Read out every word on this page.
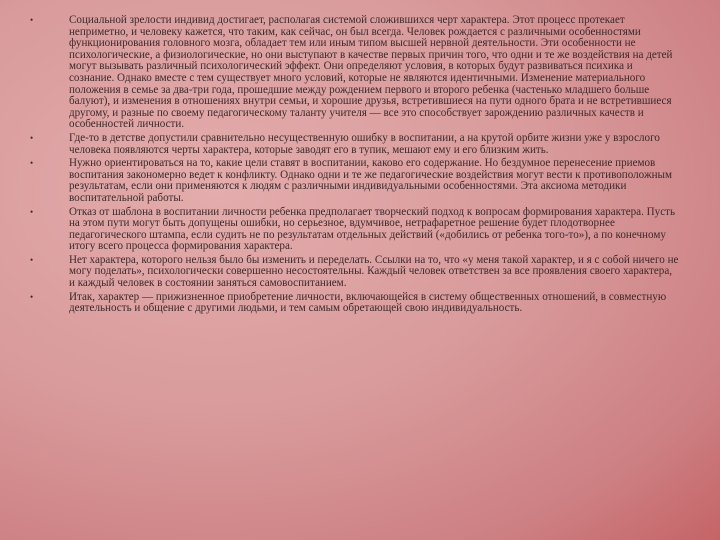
•	Социальной зрелости индивид достигает, располагая системой сложившихся черт характера. Этот процесс протекает неприметно, и человеку кажется, что таким, как сейчас, он был всегда. Человек рождается с различными особенностями функционирования головного мозга, обладает тем или иным типом высшей нервной деятельности. Эти особенности не психологические, а физиологические, но они выступают в качестве первых причин того, что одни и те же воздействия на детей могут вызывать различный психологический эффект. Они определяют условия, в которых будут развиваться психика и сознание. Однако вместе с тем существует много условий, которые не являются идентичными. Изменение материального положения в семье за два-три года, прошедшие между рождением первого и второго ребенка (частенько младшего больше балуют), и изменения в отношениях внутри семьи, и хорошие друзья, встретившиеся на пути одного брата и не встретившиеся другому, и разные по своему педагогическому таланту учителя — все это способствует зарождению различных качеств и особенностей личности.
•	Где-то в детстве допустили сравнительно несущественную ошибку в воспитании, а на крутой орбите жизни уже у взрослого человека появляются черты характера, которые заводят его в тупик, мешают ему и его близким жить.
•	Нужно ориентироваться на то, какие цели ставят в воспитании, каково его содержание. Но бездумное перенесение приемов воспитания закономерно ведет к конфликту. Однако одни и те же педагогические воздействия могут вести к противоположным результатам, если они применяются к людям с различными индивидуальными особенностями. Эта аксиома методики воспитательной работы.
•	Отказ от шаблона в воспитании личности ребенка предполагает творческий подход к вопросам формирования характера. Пусть на этом пути могут быть допущены ошибки, но серьезное, вдумчивое, нетрафаретное решение будет плодотворнее педагогического штампа, если судить не по результатам отдельных действий («добились от ребенка того-то»), а по конечному итогу всего процесса формирования характера.
•	Нет характера, которого нельзя было бы изменить и переделать. Ссылки на то, что «у меня такой характер, и я с собой ничего не могу поделать», психологически совершенно несостоятельны. Каждый человек ответствен за все проявления своего характера, и каждый человек в состоянии заняться самовоспитанием.
•	Итак, характер — прижизненное приобретение личности, включающейся в систему общественных отношений, в совместную деятельность и общение с другими людьми, и тем самым обретающей свою индивидуальность.
